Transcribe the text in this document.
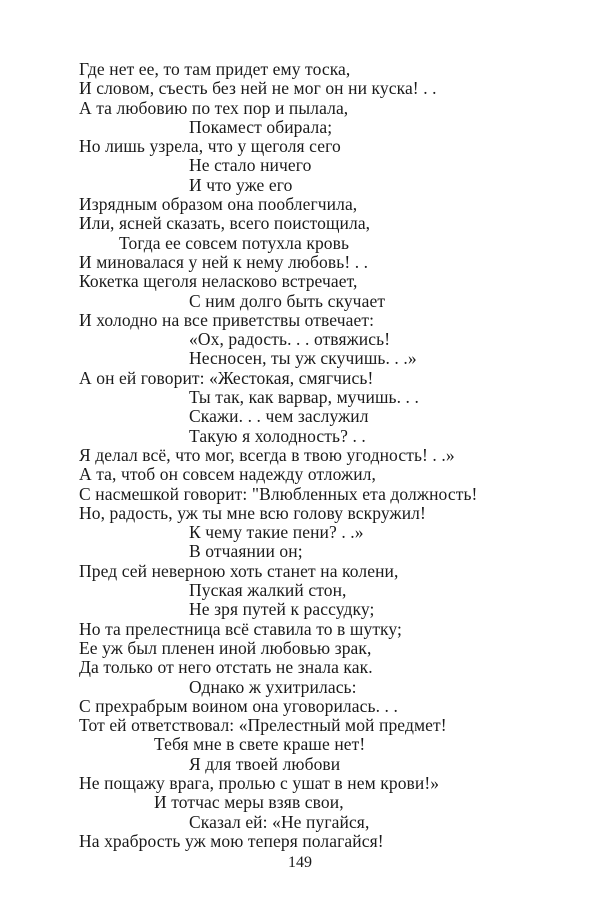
Где нет ее, то там придет ему тоска,
И словом, съесть без ней не мог он ни куска! . .
А та любовию по тех пор и пылала,
Покамест обирала;
Но лишь узрела, что у щеголя сего
Не стало ничего
И что уже его
Изрядным образом она пооблегчила,
Или, ясней сказать, всего поистощила,
Тогда ее совсем потухла кровь
И миновалася у ней к нему любовь! . .
Кокетка щеголя неласково встречает,
С ним долго быть скучает
И холодно на все приветствы отвечает:
«Ох, радость. . . отвяжись!
Несносен, ты уж скучишь. . .»
А он ей говорит: «Жестокая, смягчись!
Ты так, как варвар, мучишь. . .
Скажи. . . чем заслужил
Такую я холодность? . .
Я делал всё, что мог, всегда в твою угодность! . .»
А та, чтоб он совсем надежду отложил,
С насмешкой говорит: "Влюбленных ета должность!
Но, радость, уж ты мне всю голову вскружил!
К чему такие пени? . .»
В отчаянии он;
Пред сей неверною хоть станет на колени,
Пуская жалкий стон,
Не зря путей к рассудку;
Но та прелестница всё ставила то в шутку;
Ее уж был пленен иной любовью зрак,
Да только от него отстать не знала как.
Однако ж ухитрилась:
С прехрабрым воином она уговорилась. . .
Тот ей ответствовал: «Прелестный мой предмет!
Тебя мне в свете краше нет!
Я для твоей любови
Не пощажу врага, пролью с ушат в нем крови!»
И тотчас меры взяв свои,
Сказал ей: «Не пугайся,
На храбрость уж мою теперя полагайся!
149
